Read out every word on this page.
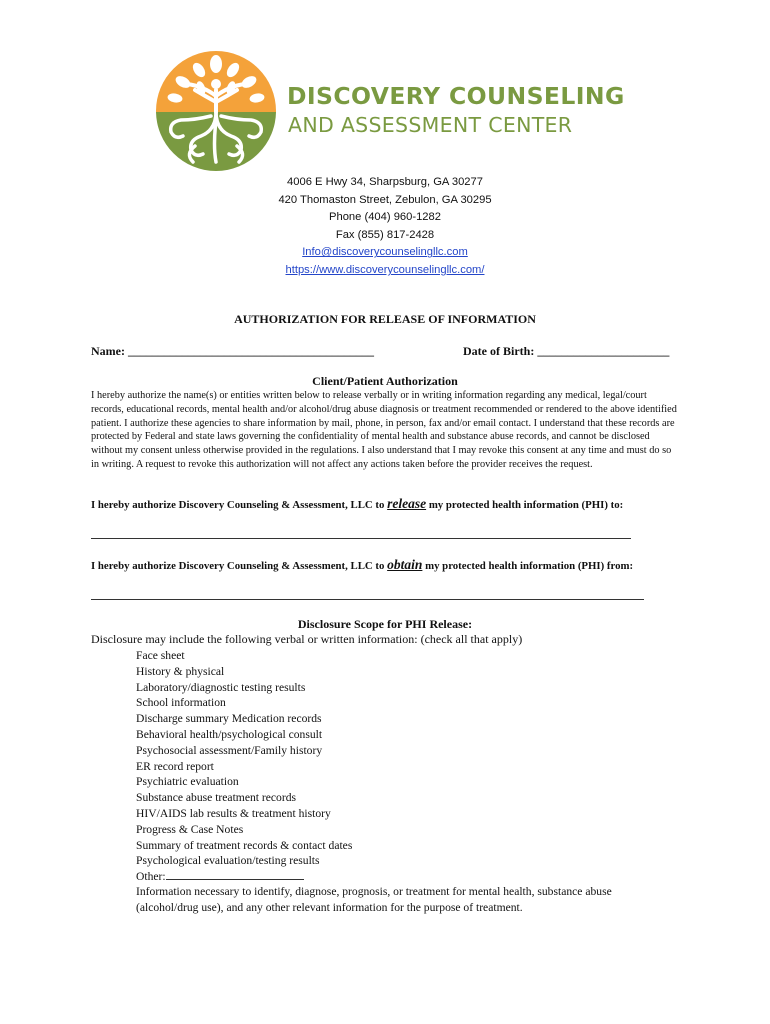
DISCOVERY COUNSELING
AND ASSESSMENT CENTER
4006 E Hwy 34, Sharpsburg, GA 30277
420 Thomaston Street, Zebulon, GA 30295
Phone (404) 960-1282
Fax (855) 817-2428
Info@discoverycounselingllc.com
https://www.discoverycounselingllc.com/
AUTHORIZATION FOR RELEASE OF INFORMATION
Name: _________________________________________	Date of Birth: ______________________
Client/Patient Authorization
I hereby authorize the name(s) or entities written below to release verbally or in writing information regarding any medical, legal/court records, educational records, mental health and/or alcohol/drug abuse diagnosis or treatment recommended or rendered to the above identified patient. I authorize these agencies to share information by mail, phone, in person, fax and/or email contact. I understand that these records are protected by Federal and state laws governing the confidentiality of mental health and substance abuse records, and cannot be disclosed without my consent unless otherwise provided in the regulations. I also understand that I may revoke this consent at any time and must do so in writing. A request to revoke this authorization will not affect any actions taken before the provider receives the request.
I hereby authorize Discovery Counseling & Assessment, LLC to release my protected health information (PHI) to:
I hereby authorize Discovery Counseling & Assessment, LLC to obtain my protected health information (PHI) from:
Disclosure Scope for PHI Release:
Disclosure may include the following verbal or written information: (check all that apply)
Face sheet
History & physical
Laboratory/diagnostic testing results
School information
Discharge summary Medication records
Behavioral health/psychological consult
Psychosocial assessment/Family history
ER record report
Psychiatric evaluation
Substance abuse treatment records
HIV/AIDS lab results & treatment history
Progress & Case Notes
Summary of treatment records & contact dates
Psychological evaluation/testing results
Other:
Information necessary to identify, diagnose, prognosis, or treatment for mental health, substance abuse (alcohol/drug use), and any other relevant information for the purpose of treatment.
